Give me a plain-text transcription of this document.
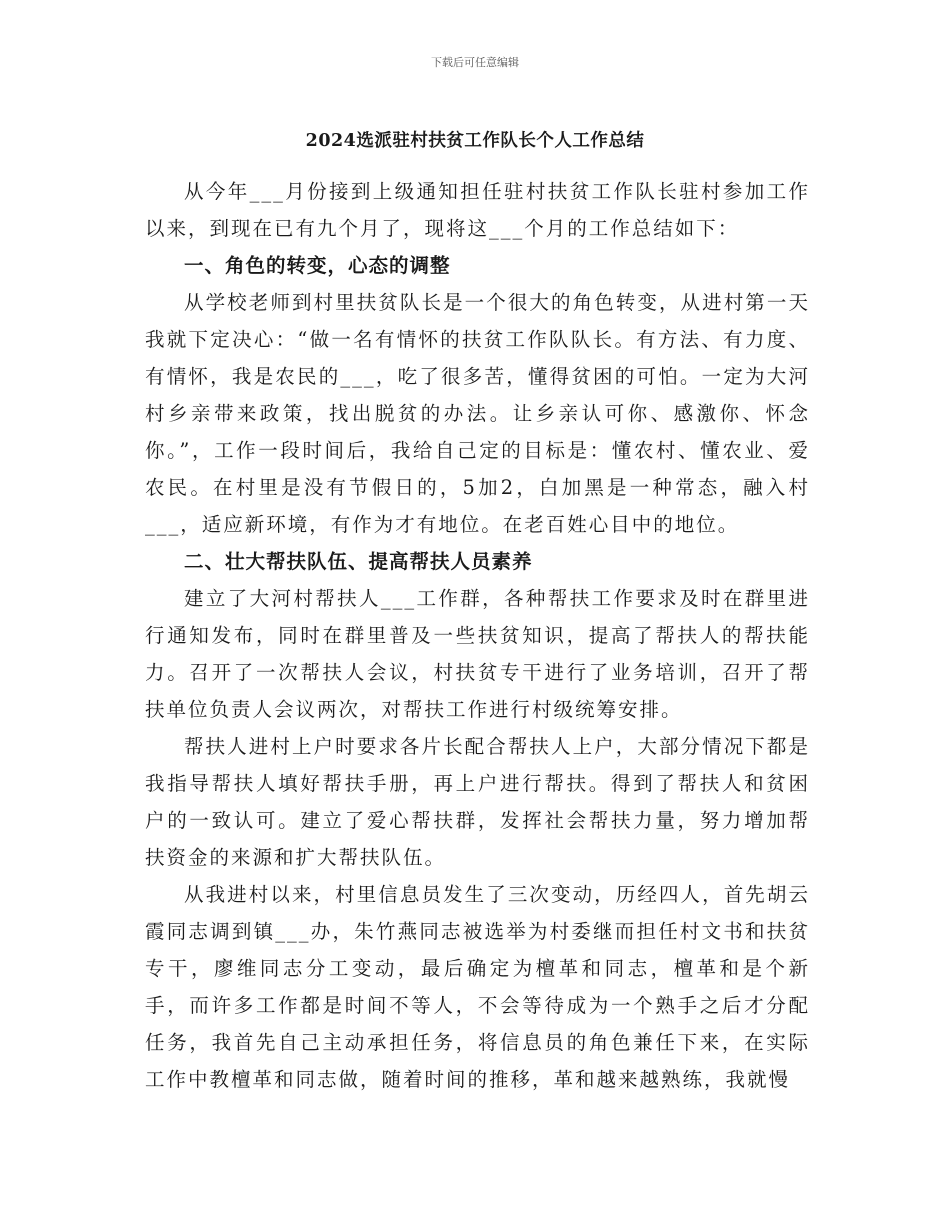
下载后可任意编辑
2024选派驻村扶贫工作队长个人工作总结

从今年___月份接到上级通知担任驻村扶贫工作队长驻村参加工作以来，到现在已有九个月了，现将这___个月的工作总结如下：

一、角色的转变，心态的调整

从学校老师到村里扶贫队长是一个很大的角色转变，从进村第一天我就下定决心：“做一名有情怀的扶贫工作队队长。有方法、有力度、有情怀，我是农民的___，吃了很多苦，懂得贫困的可怕。一定为大河村乡亲带来政策，找出脱贫的办法。让乡亲认可你、感激你、怀念你。”，工作一段时间后，我给自己定的目标是：懂农村、懂农业、爱农民。在村里是没有节假日的，5加2，白加黑是一种常态，融入村___，适应新环境，有作为才有地位。在老百姓心目中的地位。

二、壮大帮扶队伍、提高帮扶人员素养

建立了大河村帮扶人___工作群，各种帮扶工作要求及时在群里进行通知发布，同时在群里普及一些扶贫知识，提高了帮扶人的帮扶能力。召开了一次帮扶人会议，村扶贫专干进行了业务培训，召开了帮扶单位负责人会议两次，对帮扶工作进行村级统筹安排。

帮扶人进村上户时要求各片长配合帮扶人上户，大部分情况下都是我指导帮扶人填好帮扶手册，再上户进行帮扶。得到了帮扶人和贫困户的一致认可。建立了爱心帮扶群，发挥社会帮扶力量，努力增加帮扶资金的来源和扩大帮扶队伍。

从我进村以来，村里信息员发生了三次变动，历经四人，首先胡云霞同志调到镇___办，朱竹燕同志被选举为村委继而担任村文书和扶贫专干，廖维同志分工变动，最后确定为檀革和同志，檀革和是个新手，而许多工作都是时间不等人，不会等待成为一个熟手之后才分配任务，我首先自己主动承担任务，将信息员的角色兼任下来，在实际工作中教檀革和同志做，随着时间的推移，革和越来越熟练，我就慢
